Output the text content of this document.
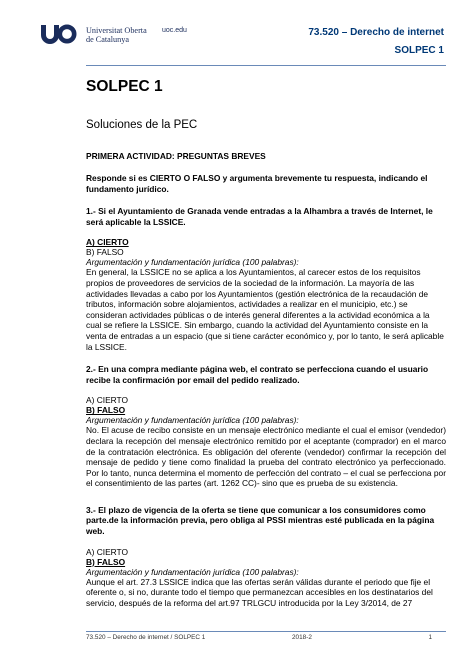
Universitat Oberta
de Catalunya
uoc.edu	73.520 – Derecho de internet
SOLPEC 1

SOLPEC 1

Soluciones de la PEC

PRIMERA ACTIVIDAD: PREGUNTAS BREVES

Responde si es CIERTO O FALSO y argumenta brevemente tu respuesta, indicando el fundamento jurídico.

1.- Si el Ayuntamiento de Granada vende entradas a la Alhambra a través de Internet, le será aplicable la LSSICE.

A) CIERTO

B) FALSO

Argumentación y fundamentación jurídica (100 palabras):

En general, la LSSICE no se aplica a los Ayuntamientos, al carecer estos de los requisitos propios de proveedores de servicios de la sociedad de la información. La mayoría de las actividades llevadas a cabo por los Ayuntamientos (gestión electrónica de la recaudación de tributos, información sobre alojamientos, actividades a realizar en el municipio, etc.) se consideran actividades públicas o de interés general diferentes a la actividad económica a la cual se refiere la LSSICE. Sin embargo, cuando la actividad del Ayuntamiento consiste en la venta de entradas a un espacio (que si tiene carácter económico y, por lo tanto, le será aplicable la LSSICE.

2.- En una compra mediante página web, el contrato se perfecciona cuando el usuario recibe la confirmación por email del pedido realizado.

A) CIERTO

B) FALSO

Argumentación y fundamentación jurídica (100 palabras):

No. El acuse de recibo consiste en un mensaje electrónico mediante el cual el emisor (vendedor) declara la recepción del mensaje electrónico remitido por el aceptante (comprador) en el marco de la contratación electrónica. Es obligación del oferente (vendedor) confirmar la recepción del mensaje de pedido y tiene como finalidad la prueba del contrato electrónico ya perfeccionado. Por lo tanto, nunca determina el momento de perfección del contrato – el cual se perfecciona por el consentimiento de las partes (art. 1262 CC)- sino que es prueba de su existencia.

3.- El plazo de vigencia de la oferta se tiene que comunicar a los consumidores como parte.de la información previa, pero obliga al PSSI mientras esté publicada en la página web.

A) CIERTO

B) FALSO

Argumentación y fundamentación jurídica (100 palabras):

Aunque el art. 27.3 LSSICE indica que las ofertas serán válidas durante el periodo que fije el oferente o, si no, durante todo el tiempo que permanezcan accesibles en los destinatarios del servicio, después de la reforma del art.97 TRLGCU introducida por la Ley 3/2014, de 27

73.520 – Derecho de internet / SOLPEC 1	2018-2	1
